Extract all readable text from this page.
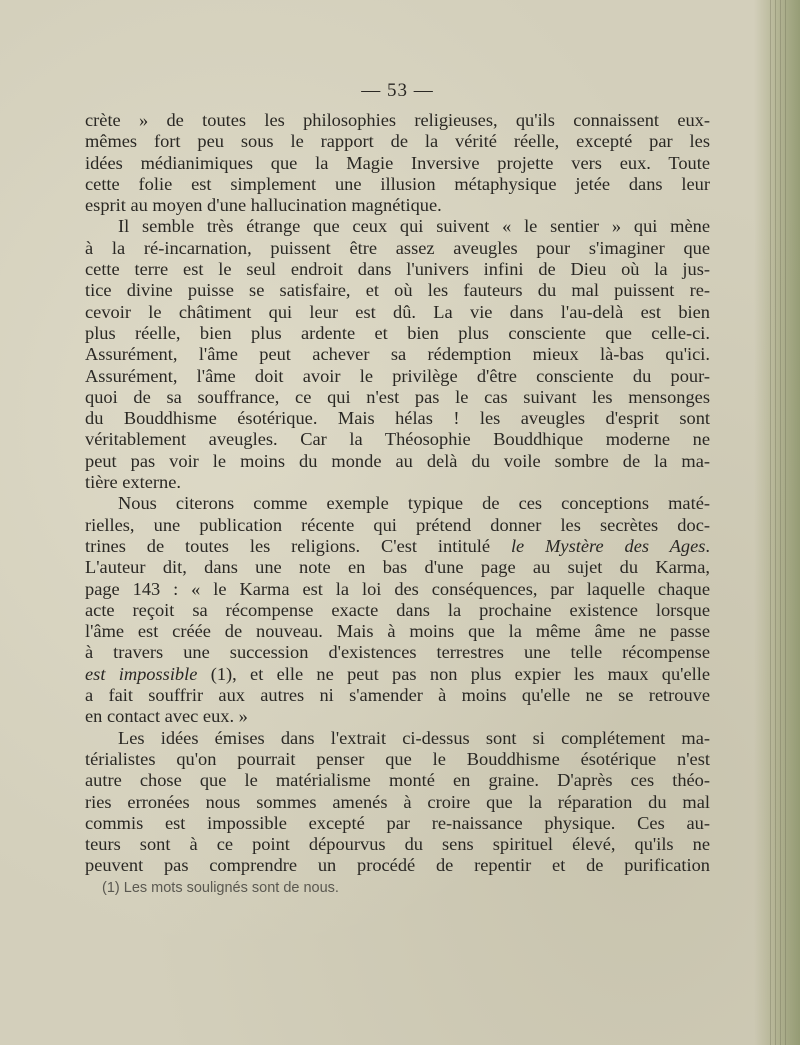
— 53 —
crète » de toutes les philosophies religieuses, qu'ils connaissent eux-
mêmes fort peu sous le rapport de la vérité réelle, excepté par les
idées médianimiques que la Magie Inversive projette vers eux. Toute
cette folie est simplement une illusion métaphysique jetée dans leur
esprit au moyen d'une hallucination magnétique.
Il semble très étrange que ceux qui suivent « le sentier » qui mène
à la ré-incarnation, puissent être assez aveugles pour s'imaginer que
cette terre est le seul endroit dans l'univers infini de Dieu où la jus-
tice divine puisse se satisfaire, et où les fauteurs du mal puissent re-
cevoir le châtiment qui leur est dû. La vie dans l'au-delà est bien
plus réelle, bien plus ardente et bien plus consciente que celle-ci.
Assurément, l'âme peut achever sa rédemption mieux là-bas qu'ici.
Assurément, l'âme doit avoir le privilège d'être consciente du pour-
quoi de sa souffrance, ce qui n'est pas le cas suivant les mensonges
du Bouddhisme ésotérique. Mais hélas ! les aveugles d'esprit sont
véritablement aveugles. Car la Théosophie Bouddhique moderne ne
peut pas voir le moins du monde au delà du voile sombre de la ma-
tière externe.
Nous citerons comme exemple typique de ces conceptions maté-
rielles, une publication récente qui prétend donner les secrètes doc-
trines de toutes les religions. C'est intitulé le Mystère des Ages.
L'auteur dit, dans une note en bas d'une page au sujet du Karma,
page 143 : « le Karma est la loi des conséquences, par laquelle chaque
acte reçoit sa récompense exacte dans la prochaine existence lorsque
l'âme est créée de nouveau. Mais à moins que la même âme ne passe
à travers une succession d'existences terrestres une telle récompense
est impossible (1), et elle ne peut pas non plus expier les maux qu'elle
a fait souffrir aux autres ni s'amender à moins qu'elle ne se retrouve
en contact avec eux. »
Les idées émises dans l'extrait ci-dessus sont si complétement ma-
térialistes qu'on pourrait penser que le Bouddhisme ésotérique n'est
autre chose que le matérialisme monté en graine. D'après ces théo-
ries erronées nous sommes amenés à croire que la réparation du mal
commis est impossible excepté par re-naissance physique. Ces au-
teurs sont à ce point dépourvus du sens spirituel élevé, qu'ils ne
peuvent pas comprendre un procédé de repentir et de purification
(1) Les mots soulignés sont de nous.
